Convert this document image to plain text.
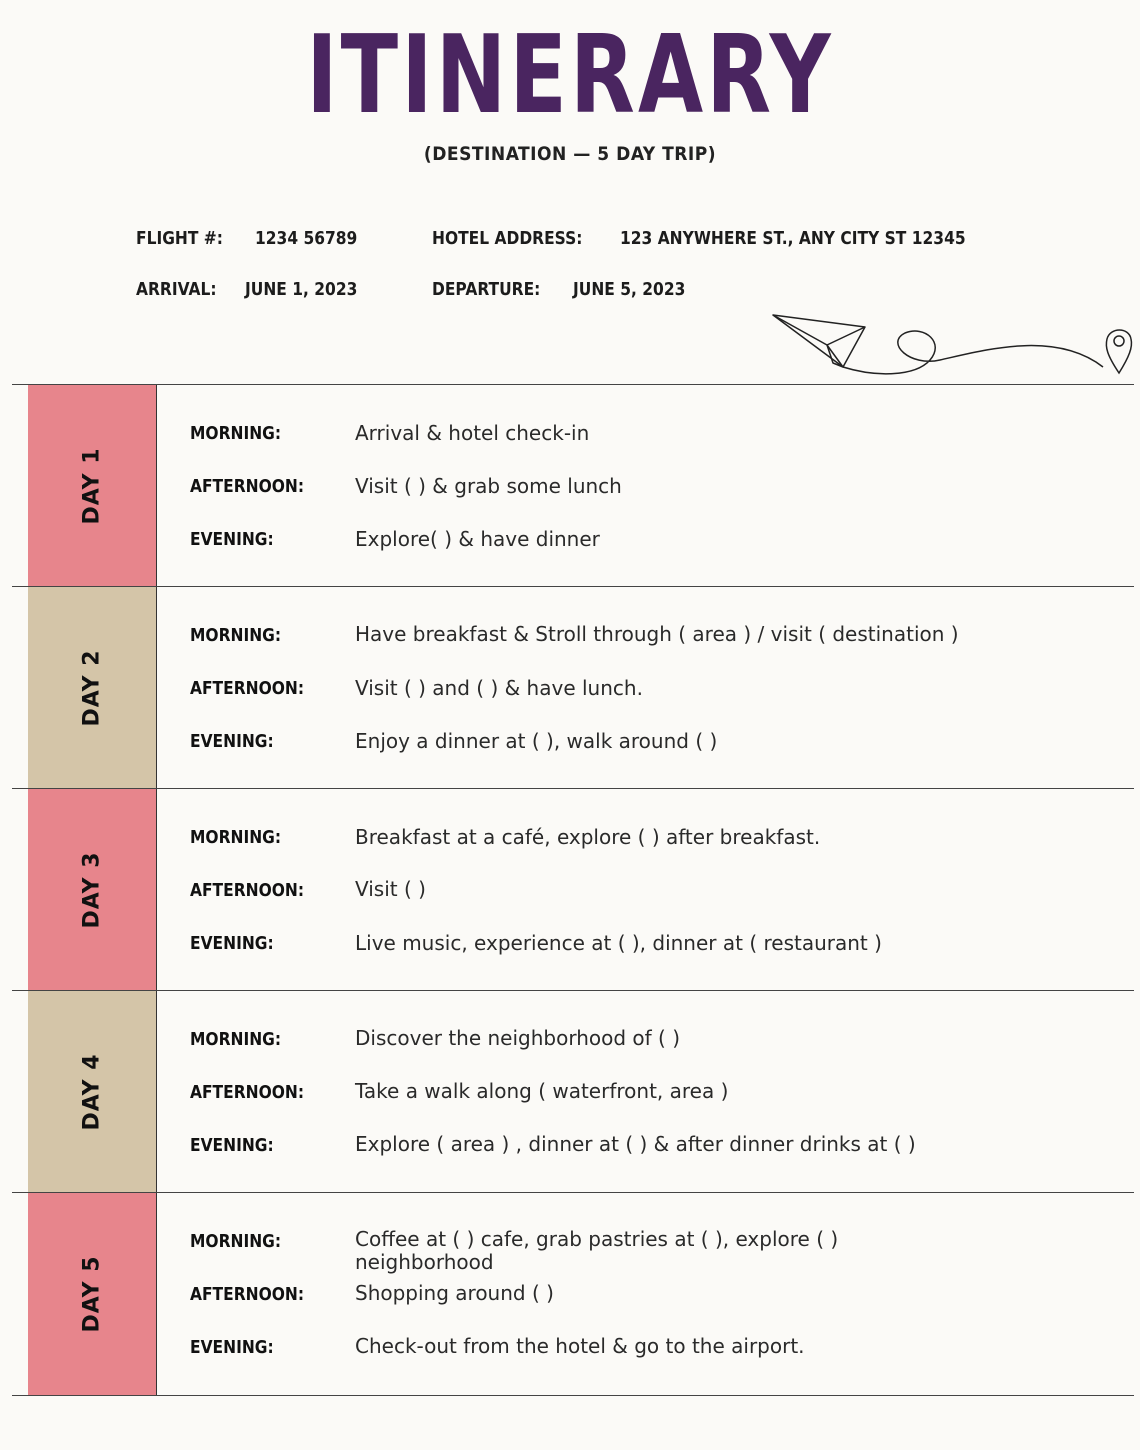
ITINERARY
(DESTINATION — 5 DAY TRIP)
FLIGHT #: 1234 56789	HOTEL ADDRESS: 123 ANYWHERE ST., ANY CITY ST 12345
ARRIVAL: JUNE 1, 2023	DEPARTURE: JUNE 5, 2023
DAY 1
MORNING:	Arrival & hotel check-in
AFTERNOON:	Visit ( ) & grab some lunch
EVENING:	Explore( ) & have dinner
DAY 2
MORNING:	Have breakfast & Stroll through ( area ) / visit ( destination )
AFTERNOON:	Visit ( ) and ( ) & have lunch.
EVENING:	Enjoy a dinner at ( ), walk around ( )
DAY 3
MORNING:	Breakfast at a café, explore ( ) after breakfast.
AFTERNOON:	Visit ( )
EVENING:	Live music, experience at ( ), dinner at ( restaurant )
DAY 4
MORNING:	Discover the neighborhood of ( )
AFTERNOON:	Take a walk along ( waterfront, area )
EVENING:	Explore ( area ) , dinner at ( ) & after dinner drinks at ( )
DAY 5
MORNING:	Coffee at ( ) cafe, grab pastries at ( ), explore ( ) neighborhood
AFTERNOON:	Shopping around ( )
EVENING:	Check-out from the hotel & go to the airport.
